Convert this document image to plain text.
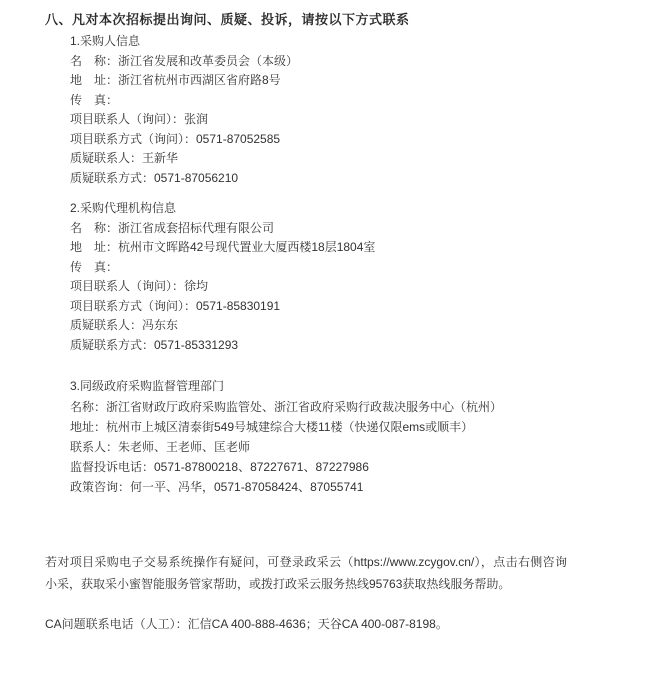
八、凡对本次招标提出询问、质疑、投诉，请按以下方式联系
1.采购人信息
名　称：浙江省发展和改革委员会（本级）
地　址：浙江省杭州市西湖区省府路8号
传　真：
项目联系人（询问）：张润
项目联系方式（询问）：0571-87052585
质疑联系人：王新华
质疑联系方式：0571-87056210
2.采购代理机构信息
名　称：浙江省成套招标代理有限公司
地　址：杭州市文晖路42号现代置业大厦西楼18层1804室
传　真：
项目联系人（询问）：徐均
项目联系方式（询问）：0571-85830191
质疑联系人：冯东东
质疑联系方式：0571-85331293
3.同级政府采购监督管理部门
名称：浙江省财政厅政府采购监管处、浙江省政府采购行政裁决服务中心（杭州）
地址：杭州市上城区清泰街549号城建综合大楼11楼（快递仅限ems或顺丰）
联系人：朱老师、王老师、匡老师
监督投诉电话：0571-87800218、87227671、87227986
政策咨询：何一平、冯华，0571-87058424、87055741
若对项目采购电子交易系统操作有疑问，可登录政采云（https://www.zcygov.cn/），点击右侧咨询小采，获取采小蜜智能服务管家帮助，或拨打政采云服务热线95763获取热线服务帮助。
CA问题联系电话（人工）：汇信CA 400-888-4636；天谷CA 400-087-8198。
